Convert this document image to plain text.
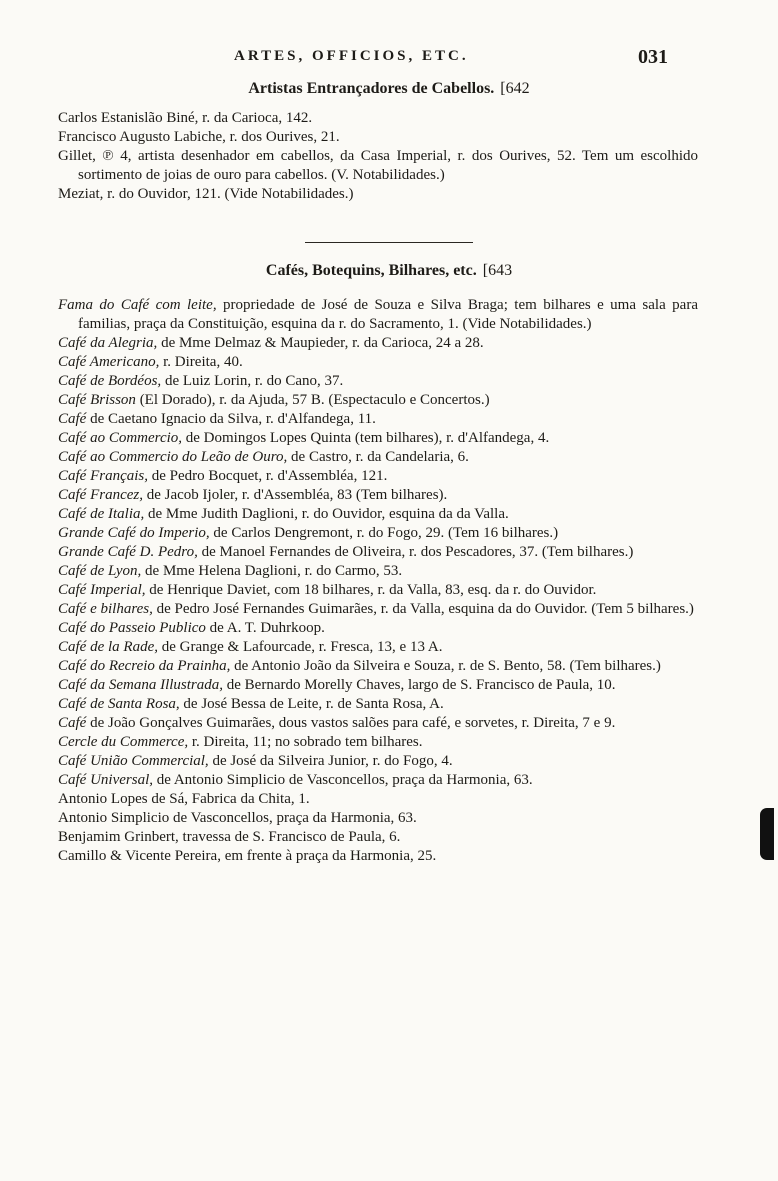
ARTES, OFFICIOS, ETC.	031
Artistas Entrançadores de Cabellos. [642

Carlos Estanislão Biné, r. da Carioca, 142.

Francisco Augusto Labiche, r. dos Ourives, 21.

Gillet, ℗ 4, artista desenhador em cabellos, da Casa Imperial, r. dos Ourives, 52. Tem um escolhido sortimento de joias de ouro para cabellos. (V. Notabilidades.)

Meziat, r. do Ouvidor, 121. (Vide Notabilidades.)

Cafés, Botequins, Bilhares, etc. [643

Fama do Café com leite, propriedade de José de Souza e Silva Braga; tem bilhares e uma sala para familias, praça da Constituição, esquina da r. do Sacramento, 1. (Vide Notabilidades.)

Café da Alegria, de Mme Delmaz & Maupieder, r. da Carioca, 24 a 28.

Café Americano, r. Direita, 40.

Café de Bordéos, de Luiz Lorin, r. do Cano, 37.

Café Brisson (El Dorado), r. da Ajuda, 57 B. (Espectaculo e Concertos.)

Café de Caetano Ignacio da Silva, r. d'Alfandega, 11.

Café ao Commercio, de Domingos Lopes Quinta (tem bilhares), r. d'Alfandega, 4.

Café ao Commercio do Leão de Ouro, de Castro, r. da Candelaria, 6.

Café Français, de Pedro Bocquet, r. d'Assembléa, 121.

Café Francez, de Jacob Ijoler, r. d'Assembléa, 83 (Tem bilhares).

Café de Italia, de Mme Judith Daglioni, r. do Ouvidor, esquina da da Valla.

Grande Café do Imperio, de Carlos Dengremont, r. do Fogo, 29. (Tem 16 bilhares.)

Grande Café D. Pedro, de Manoel Fernandes de Oliveira, r. dos Pescadores, 37. (Tem bilhares.)

Café de Lyon, de Mme Helena Daglioni, r. do Carmo, 53.

Café Imperial, de Henrique Daviet, com 18 bilhares, r. da Valla, 83, esq. da r. do Ouvidor.

Café e bilhares, de Pedro José Fernandes Guimarães, r. da Valla, esquina da do Ouvidor. (Tem 5 bilhares.)

Café do Passeio Publico de A. T. Duhrkoop.

Café de la Rade, de Grange & Lafourcade, r. Fresca, 13, e 13 A.

Café do Recreio da Prainha, de Antonio João da Silveira e Souza, r. de S. Bento, 58. (Tem bilhares.)

Café da Semana Illustrada, de Bernardo Morelly Chaves, largo de S. Francisco de Paula, 10.

Café de Santa Rosa, de José Bessa de Leite, r. de Santa Rosa, A.

Café de João Gonçalves Guimarães, dous vastos salões para café, e sorvetes, r. Direita, 7 e 9.

Cercle du Commerce, r. Direita, 11; no sobrado tem bilhares.

Café União Commercial, de José da Silveira Junior, r. do Fogo, 4.

Café Universal, de Antonio Simplicio de Vasconcellos, praça da Harmonia, 63.

Antonio Lopes de Sá, Fabrica da Chita, 1.

Antonio Simplicio de Vasconcellos, praça da Harmonia, 63.

Benjamim Grinbert, travessa de S. Francisco de Paula, 6.

Camillo & Vicente Pereira, em frente à praça da Harmonia, 25.
